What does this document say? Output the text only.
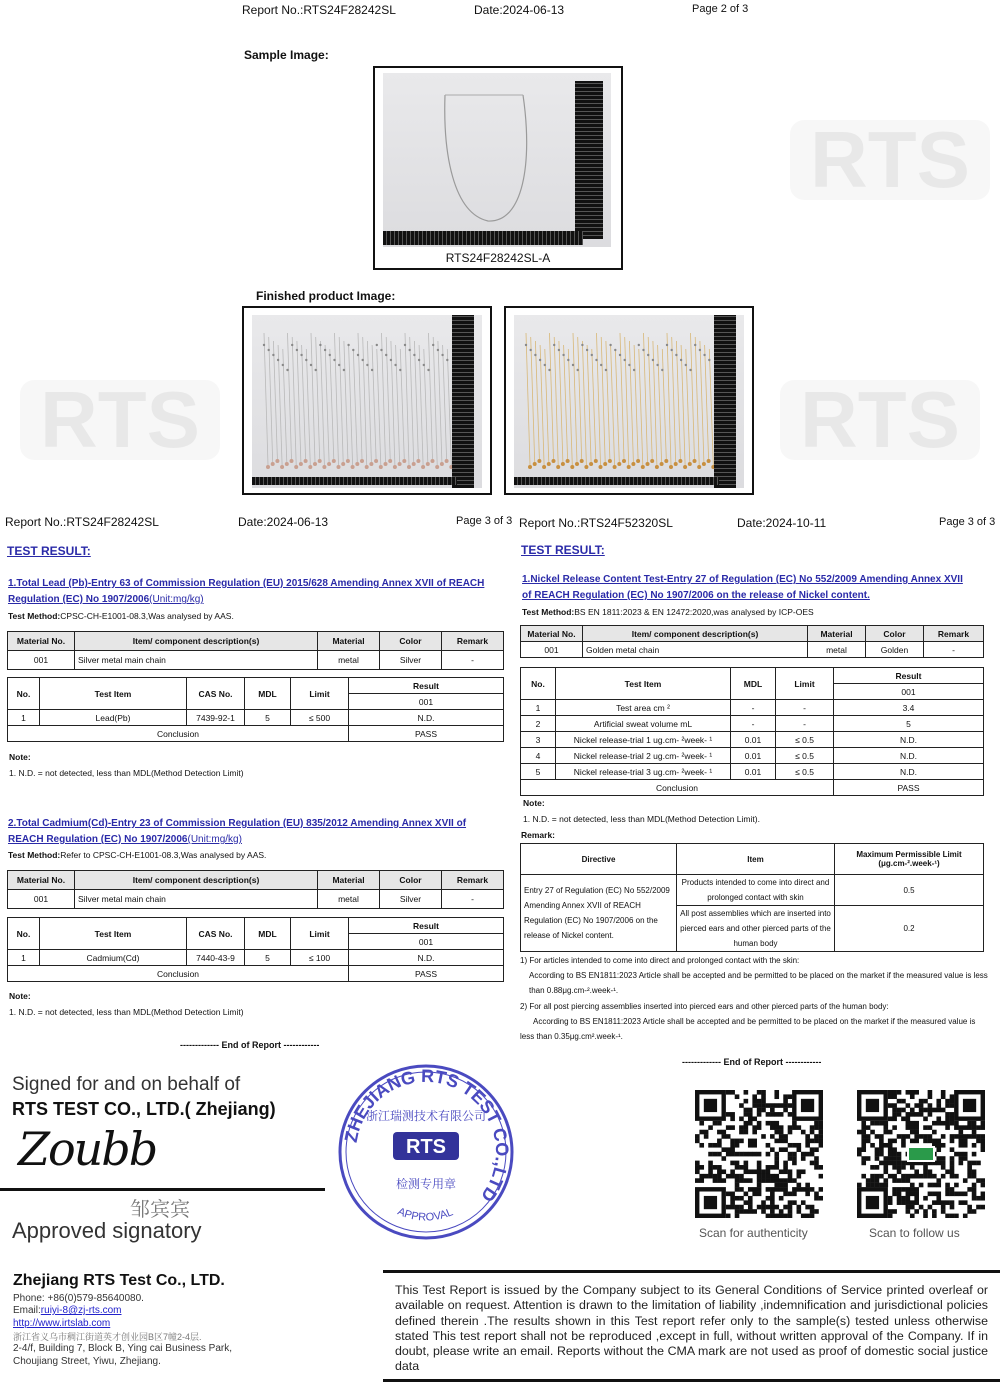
RTS
RTS	RTS
Report No.:RTS24F28242SL	Date:2024-06-13	Page 2 of 3
Sample Image:
RTS24F28242SL-A
Finished product Image:
Report No.:RTS24F28242SL	Date:2024-06-13	Page 3 of 3
TEST RESULT:
1.Total Lead (Pb)-Entry 63 of Commission Regulation (EU) 2015/628 Amending Annex XVII of REACH Regulation (EC) No 1907/2006(Unit:mg/kg)
Test Method:CPSC-CH-E1001-08.3,Was analysed by AAS.
Material No.	Item/ component description(s)	Material	Color	Remark
001	Silver metal main chain	metal	Silver	-
No.	Test Item	CAS No.	MDL	Limit	Result
					001
1	Lead(Pb)	7439-92-1	5	≤ 500	N.D.
Conclusion					PASS
Note:
1. N.D. = not detected, less than MDL(Method Detection Limit)
2.Total Cadmium(Cd)-Entry 23 of Commission Regulation (EU) 835/2012 Amending Annex XVII of REACH Regulation (EC) No 1907/2006(Unit:mg/kg)
Test Method:Refer to CPSC-CH-E1001-08.3,Was analysed by AAS.
Material No.	Item/ component description(s)	Material	Color	Remark
001	Silver metal main chain	metal	Silver	-
No.	Test Item	CAS No.	MDL	Limit	Result
					001
1	Cadmium(Cd)	7440-43-9	5	≤ 100	N.D.
Conclusion					PASS
Note:
1. N.D. = not detected, less than MDL(Method Detection Limit)
------------- End of Report ------------
Report No.:RTS24F52320SL	Date:2024-10-11	Page 3 of 3
TEST RESULT:
1.Nickel Release Content Test-Entry 27 of Regulation (EC) No 552/2009 Amending Annex XVII of REACH Regulation (EC) No 1907/2006 on the release of Nickel content.
Test Method:BS EN 1811:2023 & EN 12472:2020,was analysed by ICP-OES
Material No.	Item/ component description(s)	Material	Color	Remark
001	Golden metal chain	metal	Golden	-
No.	Test Item	MDL	Limit	Result
				001
1	Test area cm ²	-	-	3.4
2	Artificial sweat volume mL	-	-	5
3	Nickel release-trial 1 ug.cm- ²week- ¹	0.01	≤ 0.5	N.D.
4	Nickel release-trial 2 ug.cm- ²week- ¹	0.01	≤ 0.5	N.D.
5	Nickel release-trial 3 ug.cm- ²week- ¹	0.01	≤ 0.5	N.D.
Conclusion				PASS
Note:
1. N.D. = not detected, less than MDL(Method Detection Limit).
Remark:
Directive	Item	Maximum Permissible Limit
(μg.cm-².week-¹)
Entry 27 of Regulation (EC) No 552/2009 Amending Annex XVII of REACH Regulation (EC) No 1907/2006 on the release of Nickel content.	Products intended to come into direct and prolonged contact with skin	0.5
	All post assemblies which are inserted into pierced ears and other pierced parts of the human body	0.2
1) For articles intended to come into direct and prolonged contact with the skin:
According to BS EN1811:2023 Article shall be accepted and be permitted to be placed on the market if the measured value is less than 0.88μg.cm-².week-¹.
2) For all post piercing assemblies inserted into pierced ears and other pierced parts of the human body:
According to BS EN1811:2023 Article shall be accepted and be permitted to be placed on the market if the measured value is less than 0.35μg.cm².week-¹.
------------- End of Report ------------
Scan for authenticity	Scan to follow us
Signed for and on behalf of
RTS TEST CO., LTD.( Zhejiang)
Zoubb
邹宾宾
Approved signatory
ZHEJIANG RTS TEST CO.,LTD
APPROVAL
浙江瑞测技术有限公司
RTS
检测专用章
Zhejiang RTS Test Co., LTD.
Phone: +86(0)579-85640080.
Email:ruiyi-8@zj-rts.com
http://www.irtslab.com
浙江省义乌市稠江街道英才创业园B区7幢2-4层.
2-4/f, Building 7, Block B, Ying cai Business Park,
Choujiang Street, Yiwu, Zhejiang.
This Test Report is issued by the Company subject to its General Conditions of Service printed overleaf or available on request. Attention is drawn to the limitation of liability ,indemnification and jurisdictional policies defined therein .The results shown in this Test report refer only to the sample(s) tested unless otherwise stated This test report shall not be reproduced ,except in full, without written approval of the Company. If in doubt, please write an email. Reports without the CMA mark are not used as proof of domestic social justice data
